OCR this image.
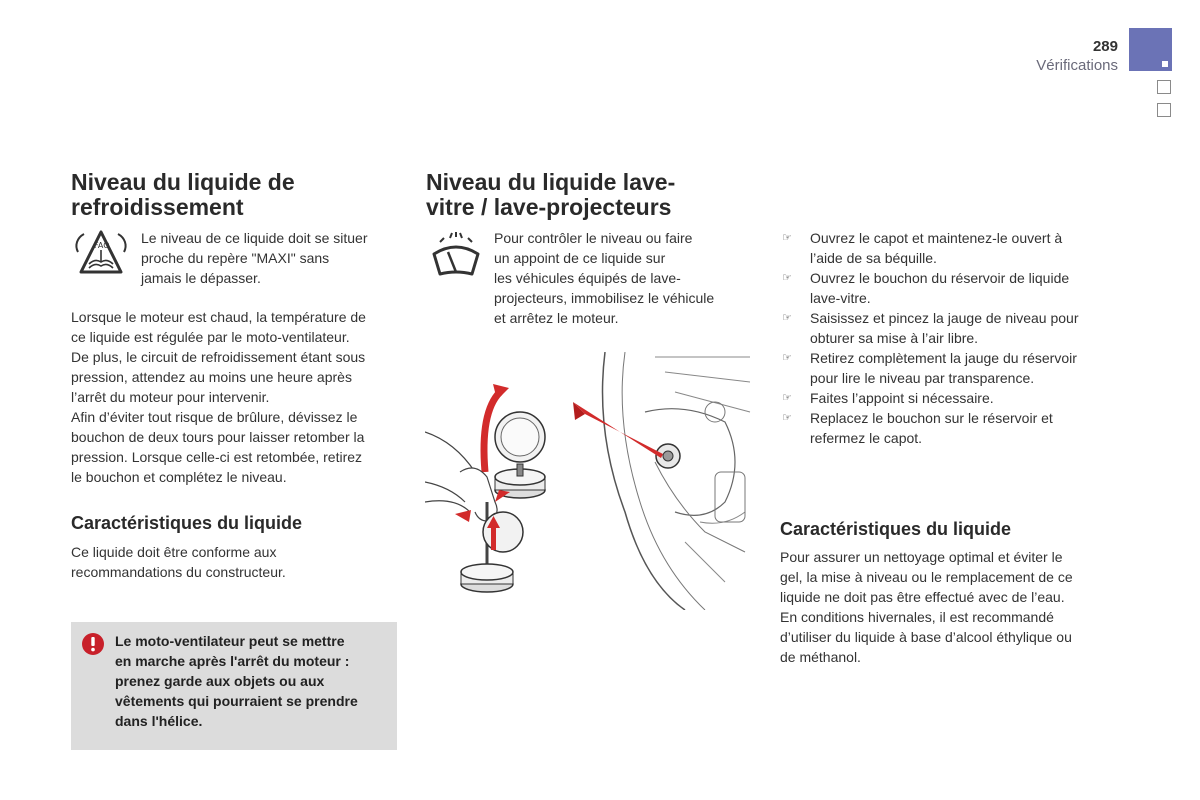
289
Vérifications
Niveau du liquide de
refroidissement
FAO Le niveau de ce liquide doit se situer

proche du repère "MAXI" sans

jamais le dépasser.

Lorsque le moteur est chaud, la température de

ce liquide est régulée par le moto-ventilateur.

De plus, le circuit de refroidissement étant sous

pression, attendez au moins une heure après

l’arrêt du moteur pour intervenir.

Afin d’éviter tout risque de brûlure, dévissez le

bouchon de deux tours pour laisser retomber la

pression. Lorsque celle-ci est retombée, retirez

le bouchon et complétez le niveau.

Caractéristiques du liquide

Ce liquide doit être conforme aux

recommandations du constructeur.

Le moto-ventilateur peut se mettre
en marche après l'arrêt du moteur :
prenez garde aux objets ou aux
vêtements qui pourraient se prendre
dans l'hélice.
Niveau du liquide lave-
vitre / lave-projecteurs

Pour contrôler le niveau ou faire

un appoint de ce liquide sur

les véhicules équipés de lave-

projecteurs, immobilisez le véhicule

et arrêtez le moteur.

☞ Ouvrez le capot et maintenez-le ouvert à
l’aide de sa béquille.
☞ Ouvrez le bouchon du réservoir de liquide
lave-vitre.
☞ Saisissez et pincez la jauge de niveau pour
obturer sa mise à l’air libre.
☞ Retirez complètement la jauge du réservoir
pour lire le niveau par transparence.
☞ Faites l’appoint si nécessaire.
☞ Replacez le bouchon sur le réservoir et
refermez le capot.
Caractéristiques du liquide

Pour assurer un nettoyage optimal et éviter le

gel, la mise à niveau ou le remplacement de ce

liquide ne doit pas être effectué avec de l’eau.

En conditions hivernales, il est recommandé

d’utiliser du liquide à base d’alcool éthylique ou

de méthanol.
